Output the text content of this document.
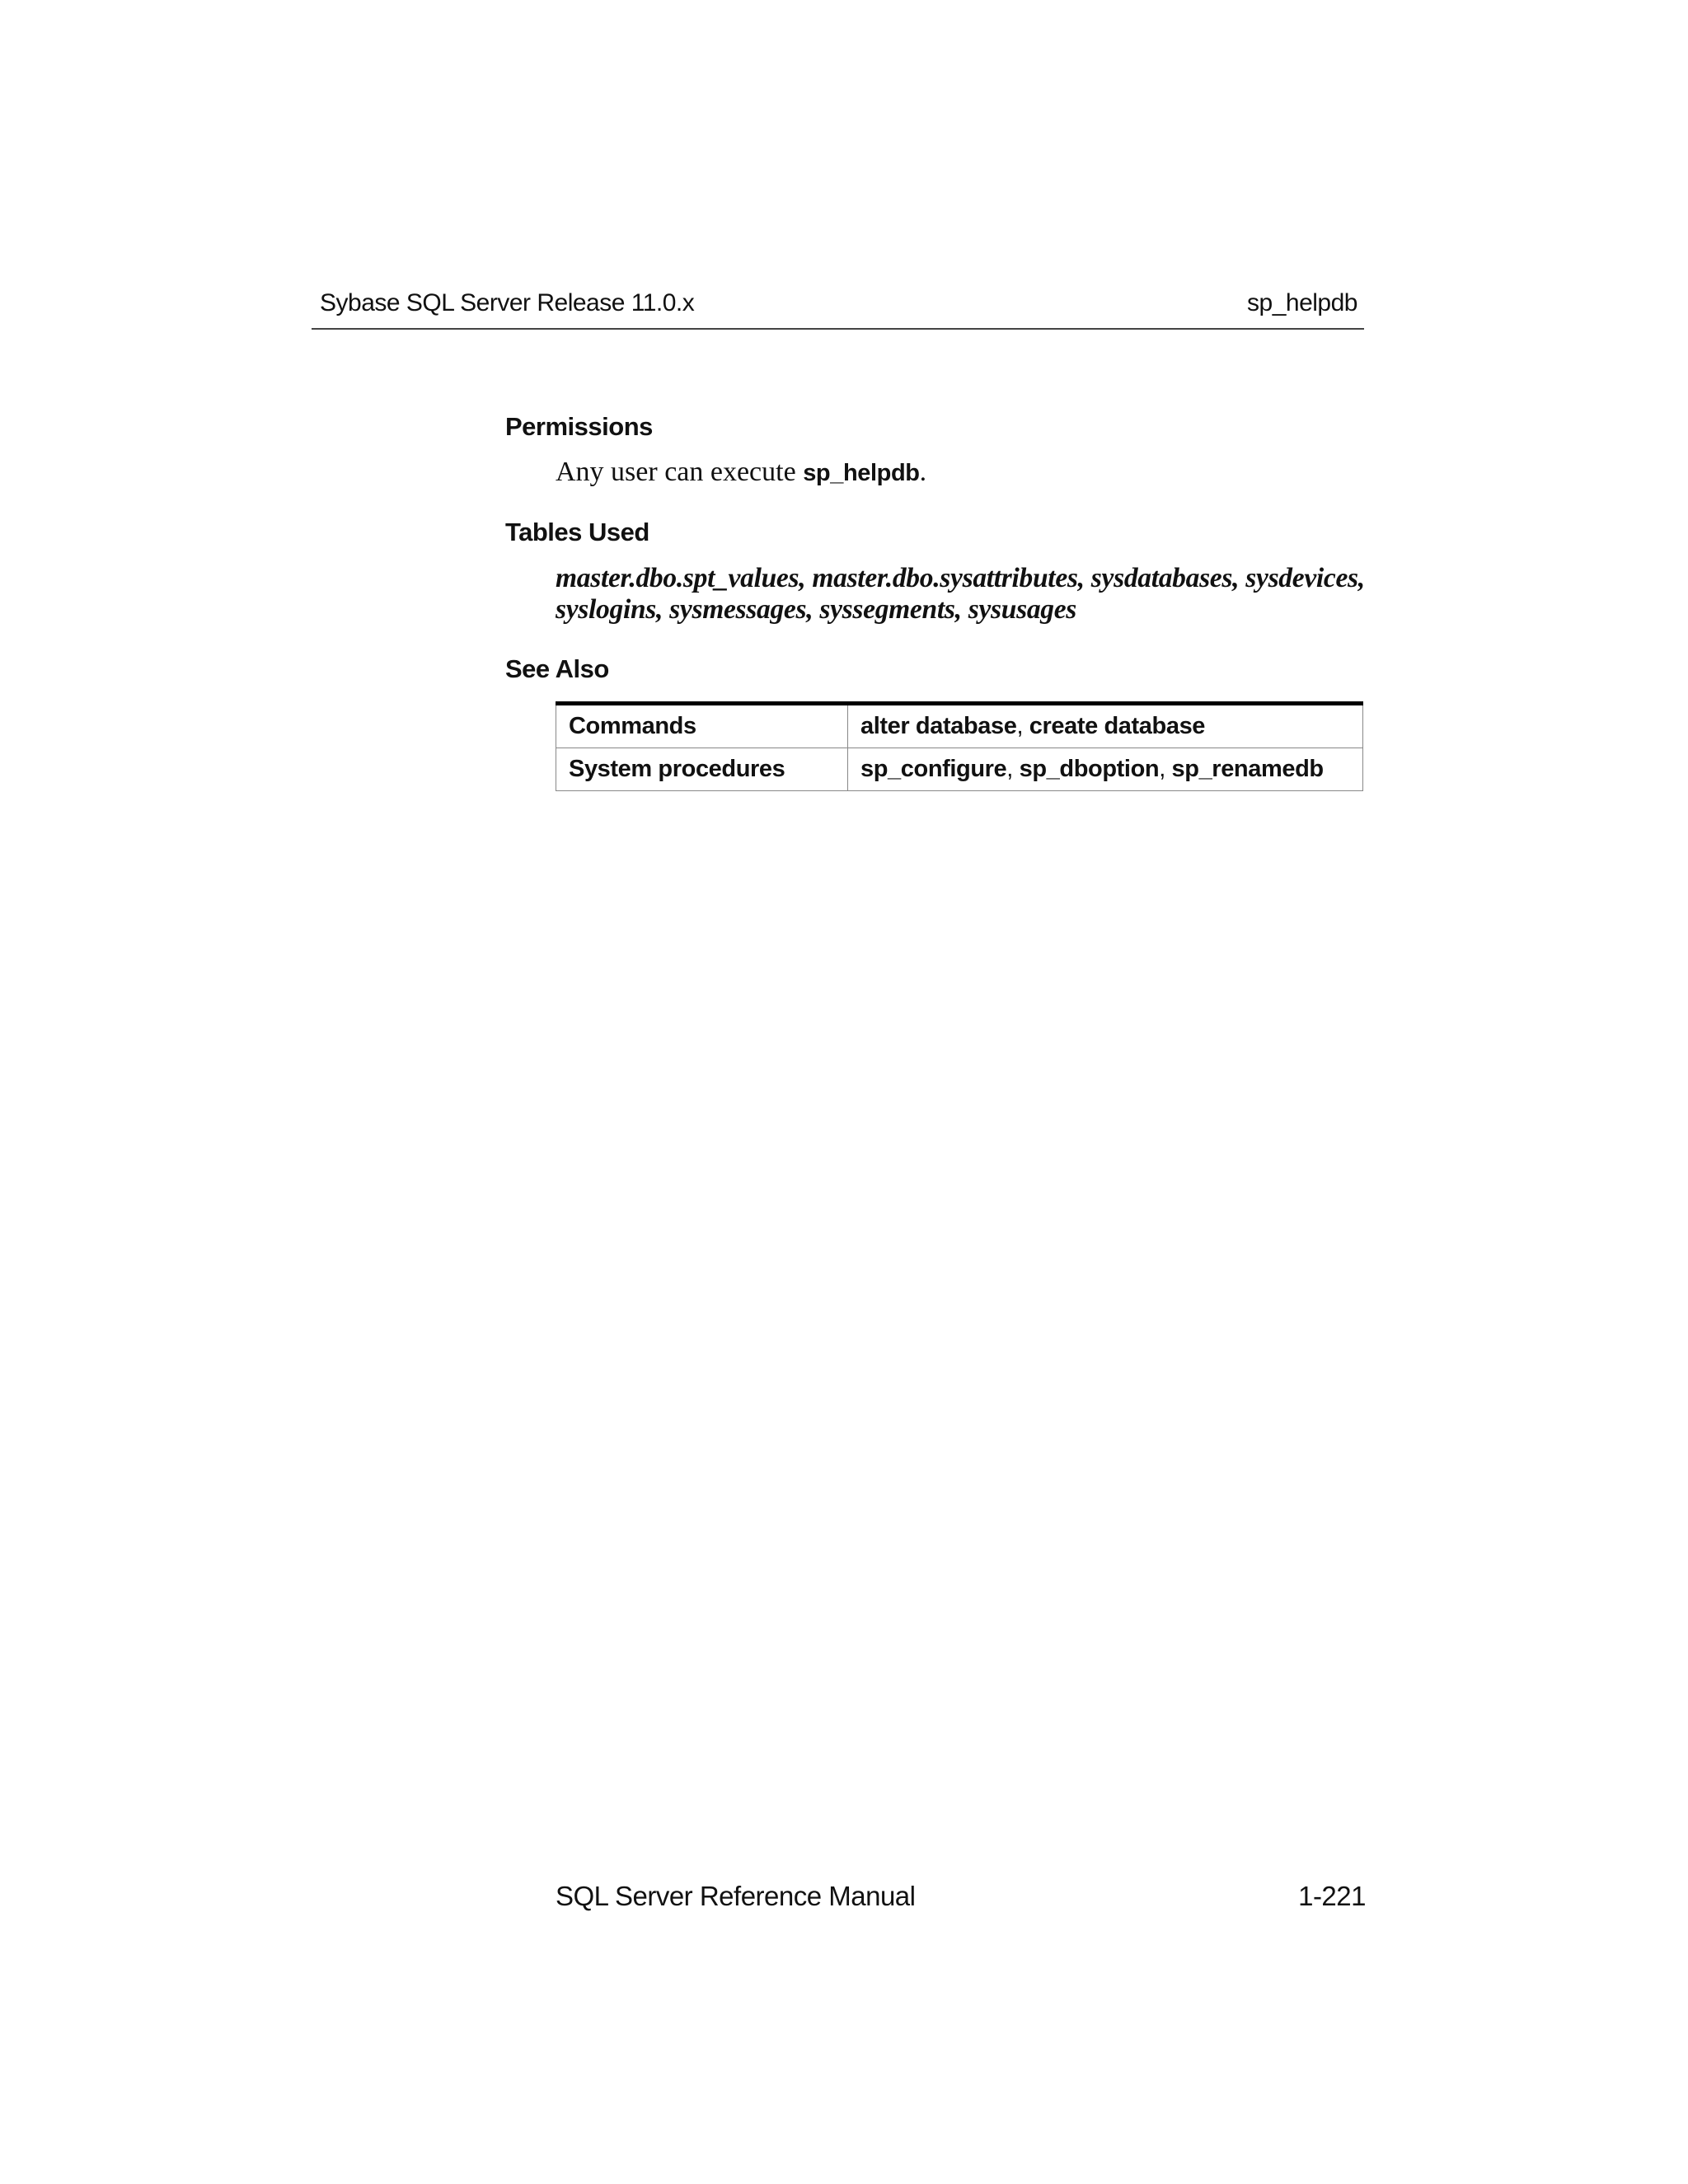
Sybase SQL Server Release 11.0.x	sp_helpdb
Permissions
Any user can execute sp_helpdb.
Tables Used
master.dbo.spt_values, master.dbo.sysattributes, sysdatabases, sysdevices,
syslogins, sysmessages, syssegments, sysusages
See Also
Commands	alter database, create database
System procedures	sp_configure, sp_dboption, sp_renamedb
SQL Server Reference Manual	1-221
